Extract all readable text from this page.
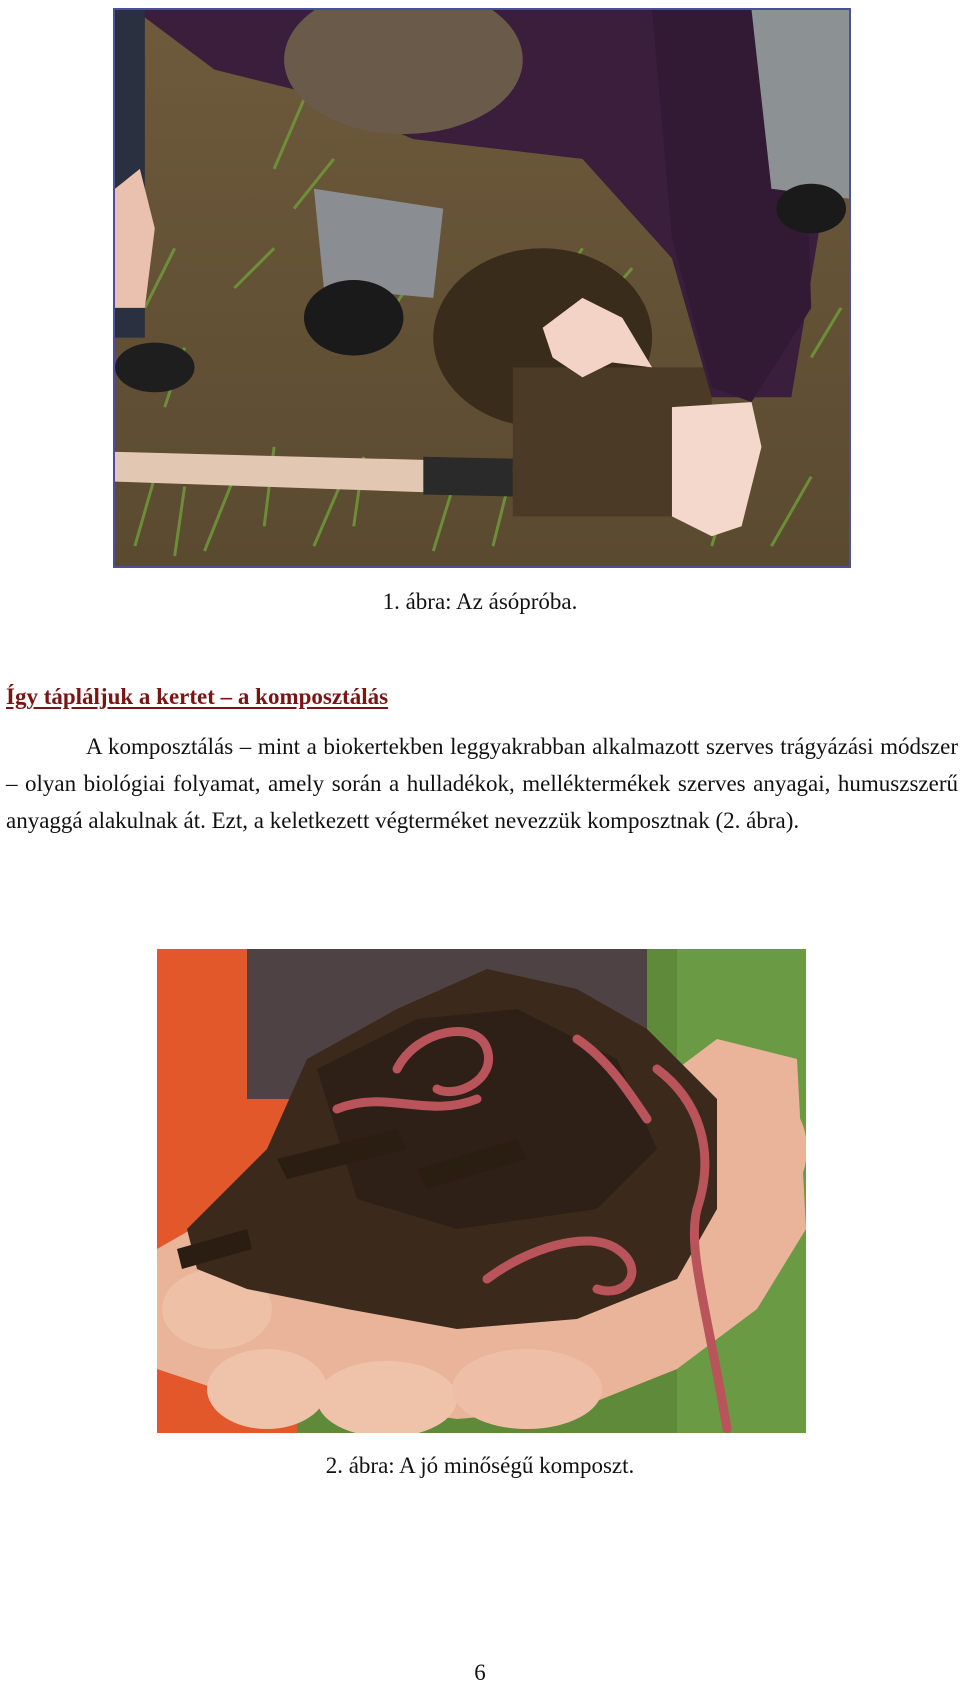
1. ábra: Az ásópróba.
Így tápláljuk a kertet – a komposztálás

A komposztálás – mint a biokertekben leggyakrabban alkalmazott szerves trágyázási módszer – olyan biológiai folyamat, amely során a hulladékok, melléktermékek szerves anyagai, humuszszerű anyaggá alakulnak át. Ezt, a keletkezett végterméket nevezzük komposztnak (2. ábra).

2. ábra: A jó minőségű komposzt.
6
